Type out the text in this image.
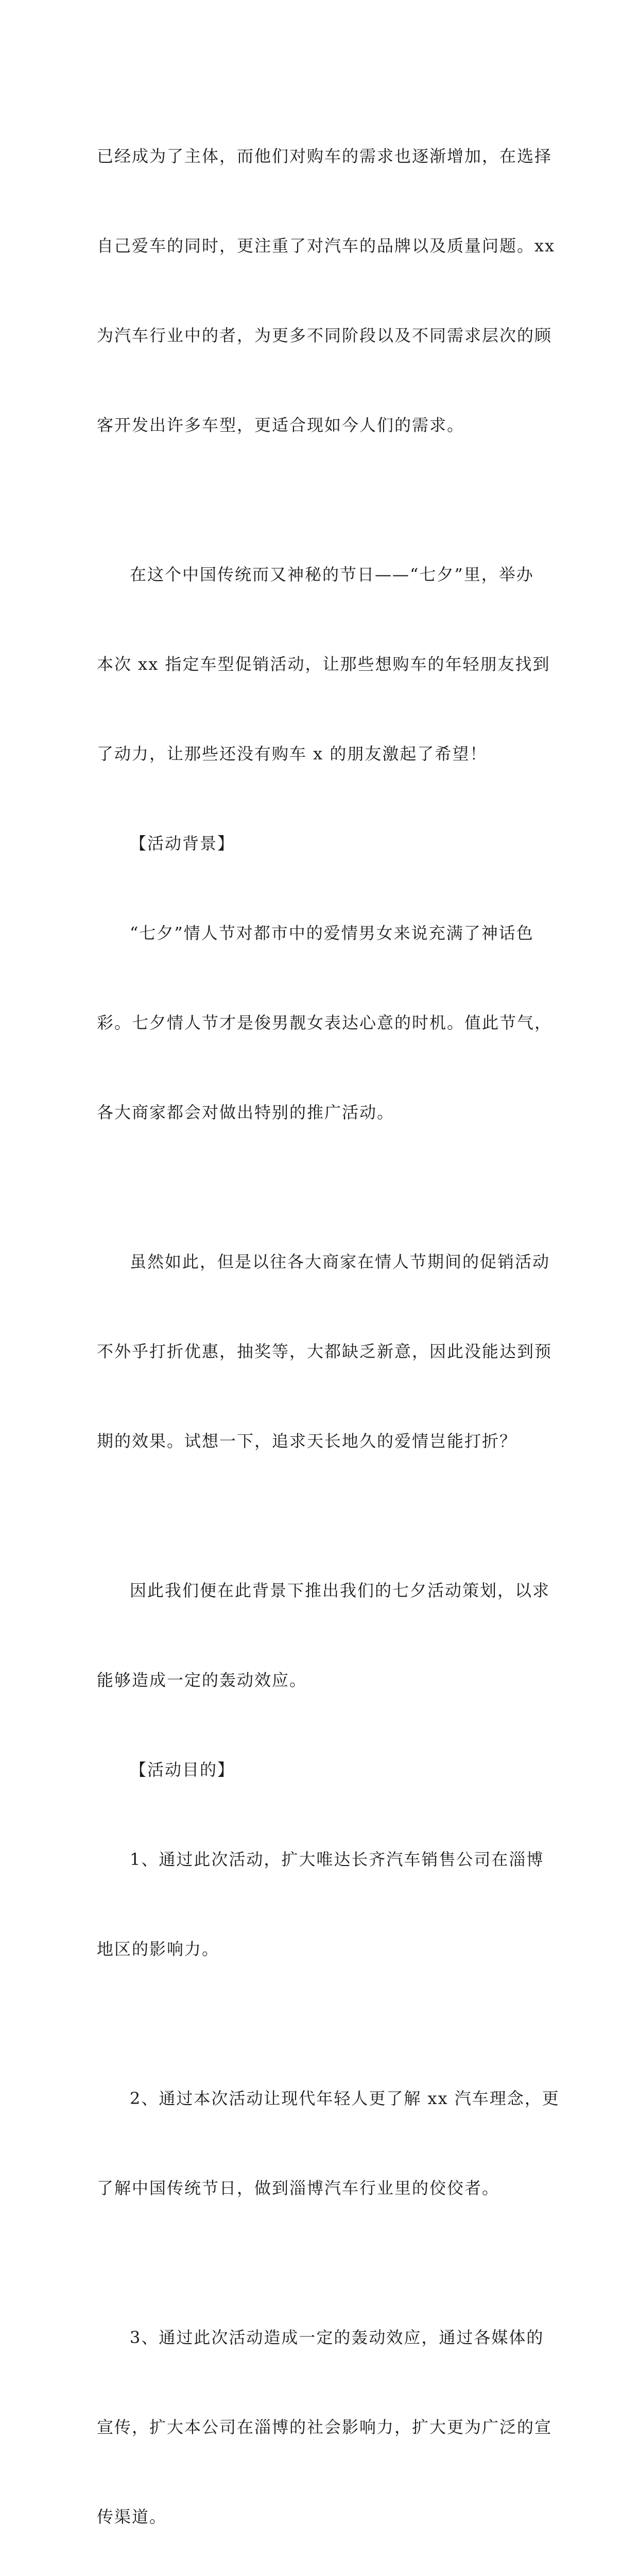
已经成为了主体，而他们对购车的需求也逐渐增加，在选择

自己爱车的同时，更注重了对汽车的品牌以及质量问题。xx

为汽车行业中的者，为更多不同阶段以及不同需求层次的顾

客开发出许多车型，更适合现如今人们的需求。

在这个中国传统而又神秘的节日——“七夕”里，举办

本次 xx 指定车型促销活动，让那些想购车的年轻朋友找到

了动力，让那些还没有购车 x 的朋友激起了希望！

【活动背景】

“七夕”情人节对都市中的爱情男女来说充满了神话色

彩。七夕情人节才是俊男靓女表达心意的时机。值此节气，

各大商家都会对做出特别的推广活动。

虽然如此，但是以往各大商家在情人节期间的促销活动

不外乎打折优惠，抽奖等，大都缺乏新意，因此没能达到预

期的效果。试想一下，追求天长地久的爱情岂能打折？

因此我们便在此背景下推出我们的七夕活动策划，以求

能够造成一定的轰动效应。

【活动目的】

1、通过此次活动，扩大唯达长齐汽车销售公司在淄博

地区的影响力。

2、通过本次活动让现代年轻人更了解 xx 汽车理念，更

了解中国传统节日，做到淄博汽车行业里的佼佼者。

3、通过此次活动造成一定的轰动效应，通过各媒体的

宣传，扩大本公司在淄博的社会影响力，扩大更为广泛的宣

传渠道。
